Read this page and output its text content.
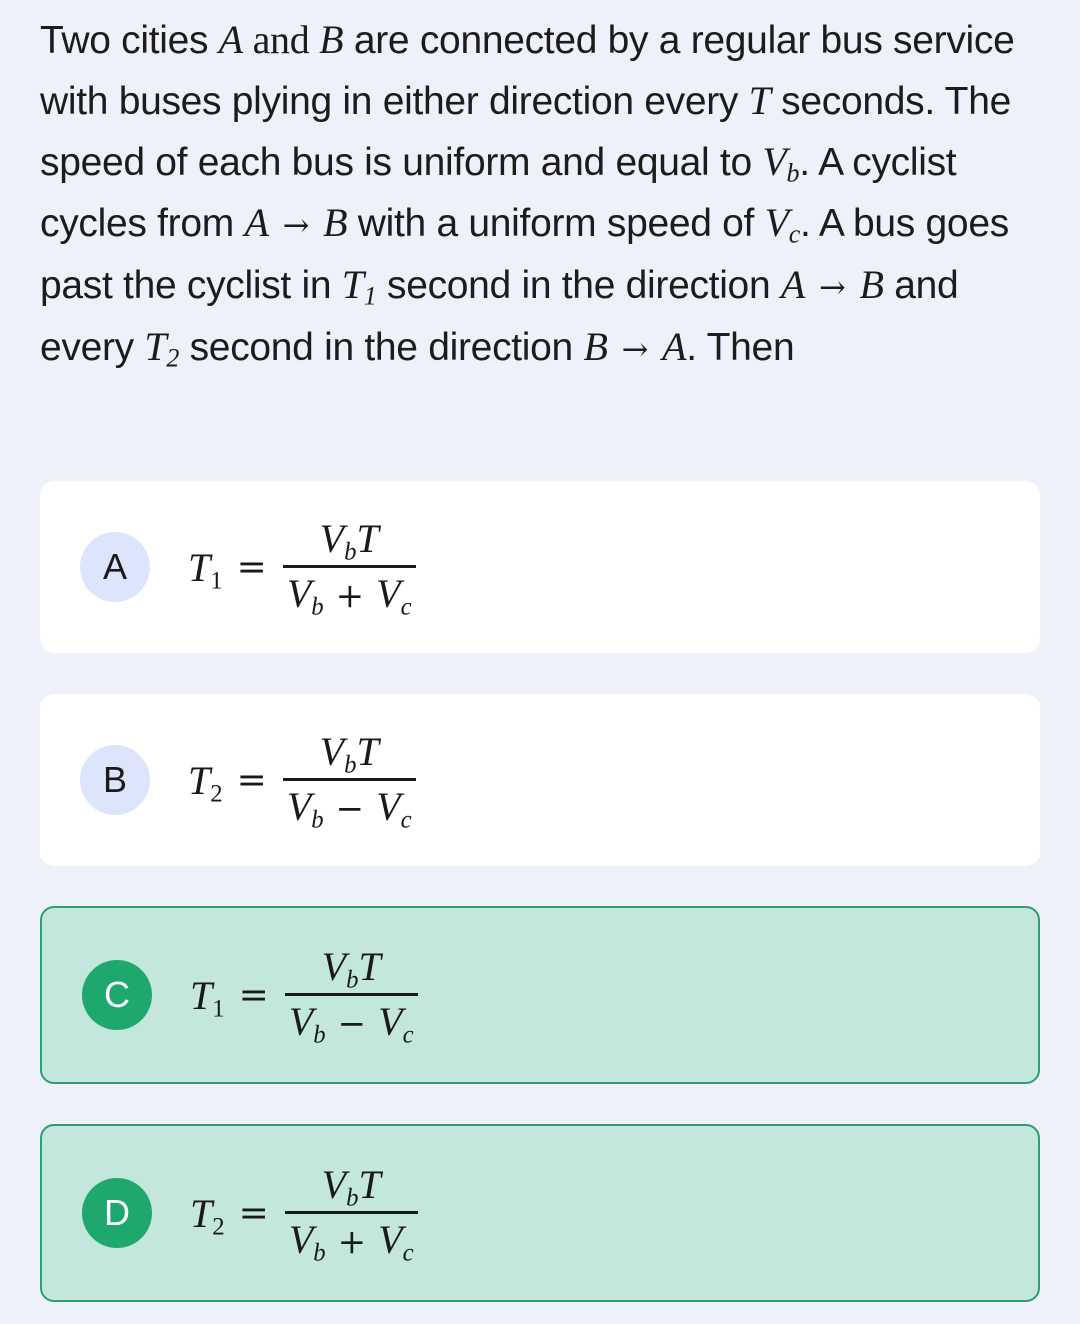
Two cities A and B are connected by a regular bus service with buses plying in either direction every T seconds. The speed of each bus is uniform and equal to $V_b$. A cyclist cycles from A → B with a uniform speed of $V_c$. A bus goes past the cyclist in $T_1$ second in the direction A → B and every $T_2$ second in the direction B → A. Then
A	$T_1 = \frac{V_bT}{V_b + V_c}$
B	$T_2 = \frac{V_bT}{V_b - V_c}$
C	$T_1 = \frac{V_bT}{V_b - V_c}$
D	$T_2 = \frac{V_bT}{V_b + V_c}$
